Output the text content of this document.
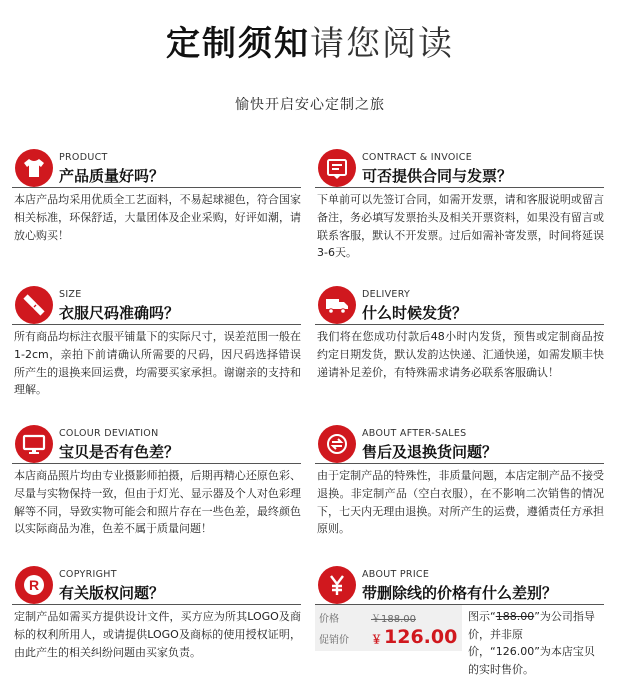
定制须知请您阅读
愉快开启安心定制之旅
PRODUCT
产品质量好吗？
本店产品均采用优质全工艺面料，不易起球褪色，符合国家相关标准，环保舒适，大量团体及企业采购，好评如潮，请放心购买！
CONTRACT & INVOICE
可否提供合同与发票？
下单前可以先签订合同，如需开发票，请和客服说明或留言备注，务必填写发票抬头及相关开票资料，如果没有留言或联系客服，默认不开发票。过后如需补寄发票，时间将延误3-6天。
SIZE
衣服尺码准确吗？
所有商品均标注衣服平铺量下的实际尺寸，误差范围一般在1-2cm，亲拍下前请确认所需要的尺码，因尺码选择错误所产生的退换来回运费，均需要买家承担。谢谢亲的支持和理解。
DELIVERY
什么时候发货？
我们将在您成功付款后48小时内发货，预售或定制商品按约定日期发货，默认发韵达快递、汇通快递，如需发顺丰快递请补足差价，有特殊需求请务必联系客服确认！
COLOUR DEVIATION
宝贝是否有色差？
本店商品照片均由专业摄影师拍摄，后期再精心还原色彩、尽量与实物保持一致，但由于灯光、显示器及个人对色彩理解等不同，导致实物可能会和照片存在一些色差，最终颜色以实际商品为准，色差不属于质量问题！
ABOUT AFTER-SALES
售后及退换货问题？
由于定制产品的特殊性，非质量问题，本店定制产品不接受退换。非定制产品（空白衣服），在不影响二次销售的情况下，七天内无理由退换。对所产生的运费，遵循责任方承担原则。
R
COPYRIGHT
有关版权问题？
定制产品如需买方提供设计文件，买方应为所其LOGO及商标的权利所用人，或请提供LOGO及商标的使用授权证明，由此产生的相关纠纷问题由买家负责。
ABOUT PRICE
带删除线的价格有什么差别？
价格	￥188.00
促销价 ￥ 126.00
图示“188.00”为公司指导价，并非原价，“126.00”为本店宝贝的实时售价。
